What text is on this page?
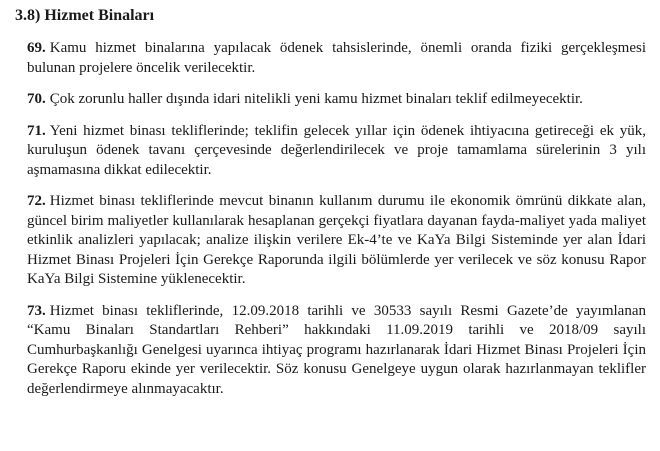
3.8) Hizmet Binaları

69. Kamu hizmet binalarına yapılacak ödenek tahsislerinde, önemli oranda fiziki gerçekleşmesi bulunan projelere öncelik verilecektir.

70. Çok zorunlu haller dışında idari nitelikli yeni kamu hizmet binaları teklif edilmeyecektir.

71. Yeni hizmet binası tekliflerinde; teklifin gelecek yıllar için ödenek ihtiyacına getireceği ek yük, kuruluşun ödenek tavanı çerçevesinde değerlendirilecek ve proje tamamlama sürelerinin 3 yılı aşmamasına dikkat edilecektir.

72. Hizmet binası tekliflerinde mevcut binanın kullanım durumu ile ekonomik ömrünü dikkate alan, güncel birim maliyetler kullanılarak hesaplanan gerçekçi fiyatlara dayanan fayda-maliyet yada maliyet etkinlik analizleri yapılacak; analize ilişkin verilere Ek-4’te ve KaYa Bilgi Sisteminde yer alan İdari Hizmet Binası Projeleri İçin Gerekçe Raporunda ilgili bölümlerde yer verilecek ve söz konusu Rapor KaYa Bilgi Sistemine yüklenecektir.

73. Hizmet binası tekliflerinde, 12.09.2018 tarihli ve 30533 sayılı Resmi Gazete’de yayımlanan “Kamu Binaları Standartları Rehberi” hakkındaki 11.09.2019 tarihli ve 2018/09 sayılı Cumhurbaşkanlığı Genelgesi uyarınca ihtiyaç programı hazırlanarak İdari Hizmet Binası Projeleri İçin Gerekçe Raporu ekinde yer verilecektir. Söz konusu Genelgeye uygun olarak hazırlanmayan teklifler değerlendirmeye alınmayacaktır.
